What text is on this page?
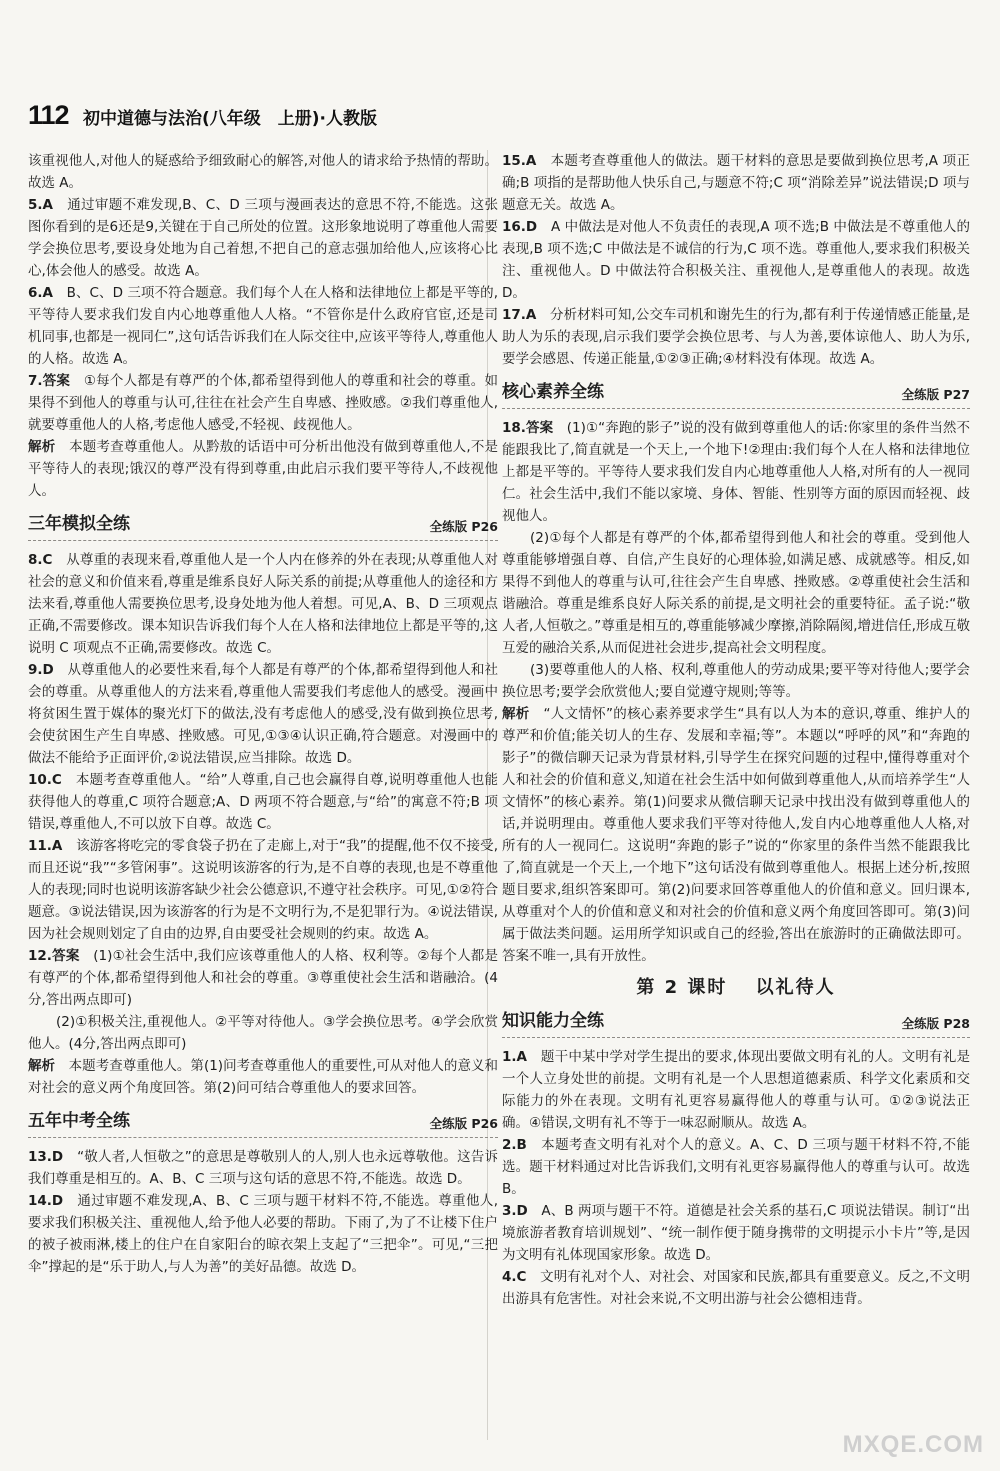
112 初中道德与法治(八年级　上册)·人教版

该重视他人,对他人的疑惑给予细致耐心的解答,对他人的请求给予热情的帮助。故选 A。

5.A　 通过审题不难发现,B、C、D 三项与漫画表达的意思不符,不能选。这张图你看到的是6还是9,关键在于自己所处的位置。这形象地说明了尊重他人需要学会换位思考,要设身处地为自己着想,不把自己的意志强加给他人,应该将心比心,体会他人的感受。故选 A。

6.A　 B、C、D 三项不符合题意。我们每个人在人格和法律地位上都是平等的,平等待人要求我们发自内心地尊重他人人格。“不管你是什么政府官宦,还是司机同事,也都是一视同仁”,这句话告诉我们在人际交往中,应该平等待人,尊重他人的人格。故选 A。

7.答案　 ①每个人都是有尊严的个体,都希望得到他人的尊重和社会的尊重。如果得不到他人的尊重与认可,往往在社会产生自卑感、挫败感。②我们尊重他人,就要尊重他人的人格,考虑他人感受,不轻视、歧视他人。

解析　 本题考查尊重他人。从黔敖的话语中可分析出他没有做到尊重他人,不是平等待人的表现;饿汉的尊严没有得到尊重,由此启示我们要平等待人,不歧视他人。

三年模拟全练	全练版 P26

8.C　 从尊重的表现来看,尊重他人是一个人内在修养的外在表现;从尊重他人对社会的意义和价值来看,尊重是维系良好人际关系的前提;从尊重他人的途径和方法来看,尊重他人需要换位思考,设身处地为他人着想。可见,A、B、D 三项观点正确,不需要修改。课本知识告诉我们每个人在人格和法律地位上都是平等的,这说明 C 项观点不正确,需要修改。故选 C。

9.D　 从尊重他人的必要性来看,每个人都是有尊严的个体,都希望得到他人和社会的尊重。从尊重他人的方法来看,尊重他人需要我们考虑他人的感受。漫画中将贫困生置于媒体的聚光灯下的做法,没有考虑他人的感受,没有做到换位思考,会使贫困生产生自卑感、挫败感。可见,①③④认识正确,符合题意。对漫画中的做法不能给予正面评价,②说法错误,应当排除。故选 D。

10.C　 本题考查尊重他人。“给”人尊重,自己也会赢得自尊,说明尊重他人也能获得他人的尊重,C 项符合题意;A、D 两项不符合题意,与“给”的寓意不符;B 项错误,尊重他人,不可以放下自尊。故选 C。

11.A　 该游客将吃完的零食袋子扔在了走廊上,对于“我”的提醒,他不仅不接受,而且还说“我”“多管闲事”。这说明该游客的行为,是不自尊的表现,也是不尊重他人的表现;同时也说明该游客缺少社会公德意识,不遵守社会秩序。可见,①②符合题意。③说法错误,因为该游客的行为是不文明行为,不是犯罪行为。④说法错误,因为社会规则划定了自由的边界,自由要受社会规则的约束。故选 A。

12.答案　 (1)①社会生活中,我们应该尊重他人的人格、权利等。②每个人都是有尊严的个体,都希望得到他人和社会的尊重。③尊重使社会生活和谐融洽。(4分,答出两点即可)

(2)①积极关注,重视他人。②平等对待他人。③学会换位思考。④学会欣赏他人。(4分,答出两点即可)

解析　 本题考查尊重他人。第(1)问考查尊重他人的重要性,可从对他人的意义和对社会的意义两个角度回答。第(2)问可结合尊重他人的要求回答。

五年中考全练	全练版 P26

13.D　 “敬人者,人恒敬之”的意思是尊敬别人的人,别人也永远尊敬他。这告诉我们尊重是相互的。A、B、C 三项与这句话的意思不符,不能选。故选 D。

14.D　 通过审题不难发现,A、B、C 三项与题干材料不符,不能选。尊重他人,要求我们积极关注、重视他人,给予他人必要的帮助。下雨了,为了不让楼下住户的被子被雨淋,楼上的住户在自家阳台的晾衣架上支起了“三把伞”。可见,“三把伞”撑起的是“乐于助人,与人为善”的美好品德。故选 D。

15.A　 本题考查尊重他人的做法。题干材料的意思是要做到换位思考,A 项正确;B 项指的是帮助他人快乐自己,与题意不符;C 项“消除差异”说法错误;D 项与题意无关。故选 A。

16.D　 A 中做法是对他人不负责任的表现,A 项不选;B 中做法是不尊重他人的表现,B 项不选;C 中做法是不诚信的行为,C 项不选。尊重他人,要求我们积极关注、重视他人。D 中做法符合积极关注、重视他人,是尊重他人的表现。故选 D。

17.A　 分析材料可知,公交车司机和谢先生的行为,都有利于传递情感正能量,是助人为乐的表现,启示我们要学会换位思考、与人为善,要体谅他人、助人为乐,要学会感恩、传递正能量,①②③正确;④材料没有体现。故选 A。

核心素养全练	全练版 P27

18.答案　 (1)①“奔跑的影子”说的没有做到尊重他人的话:你家里的条件当然不能跟我比了,简直就是一个天上,一个地下!②理由:我们每个人在人格和法律地位上都是平等的。平等待人要求我们发自内心地尊重他人人格,对所有的人一视同仁。社会生活中,我们不能以家境、身体、智能、性别等方面的原因而轻视、歧视他人。

(2)①每个人都是有尊严的个体,都希望得到他人和社会的尊重。受到他人尊重能够增强自尊、自信,产生良好的心理体验,如满足感、成就感等。相反,如果得不到他人的尊重与认可,往往会产生自卑感、挫败感。②尊重使社会生活和谐融洽。尊重是维系良好人际关系的前提,是文明社会的重要特征。孟子说:“敬人者,人恒敬之。”尊重是相互的,尊重能够减少摩擦,消除隔阂,增进信任,形成互敬互爱的融洽关系,从而促进社会进步,提高社会文明程度。

(3)要尊重他人的人格、权利,尊重他人的劳动成果;要平等对待他人;要学会换位思考;要学会欣赏他人;要自觉遵守规则;等等。

解析　 “人文情怀”的核心素养要求学生“具有以人为本的意识,尊重、维护人的尊严和价值;能关切人的生存、发展和幸福;等”。本题以“呼呼的风”和“奔跑的影子”的微信聊天记录为背景材料,引导学生在探究问题的过程中,懂得尊重对个人和社会的价值和意义,知道在社会生活中如何做到尊重他人,从而培养学生“人文情怀”的核心素养。第(1)问要求从微信聊天记录中找出没有做到尊重他人的话,并说明理由。尊重他人要求我们平等对待他人,发自内心地尊重他人人格,对所有的人一视同仁。这说明“奔跑的影子”说的“你家里的条件当然不能跟我比了,简直就是一个天上,一个地下”这句话没有做到尊重他人。根据上述分析,按照题目要求,组织答案即可。第(2)问要求回答尊重他人的价值和意义。回归课本,从尊重对个人的价值和意义和对社会的价值和意义两个角度回答即可。第(3)问属于做法类问题。运用所学知识或自己的经验,答出在旅游时的正确做法即可。答案不唯一,具有开放性。

第 2 课时 以礼待人
知识能力全练	全练版 P28

1.A　 题干中某中学对学生提出的要求,体现出要做文明有礼的人。文明有礼是一个人立身处世的前提。文明有礼是一个人思想道德素质、科学文化素质和交际能力的外在表现。文明有礼更容易赢得他人的尊重与认可。①②③说法正确。④错误,文明有礼不等于一味忍耐顺从。故选 A。

2.B　 本题考查文明有礼对个人的意义。A、C、D 三项与题干材料不符,不能选。题干材料通过对比告诉我们,文明有礼更容易赢得他人的尊重与认可。故选 B。

3.D　 A、B 两项与题干不符。道德是社会关系的基石,C 项说法错误。制订“出境旅游者教育培训规划”、“统一制作便于随身携带的文明提示小卡片”等,是因为文明有礼体现国家形象。故选 D。

4.C　 文明有礼对个人、对社会、对国家和民族,都具有重要意义。反之,不文明出游具有危害性。对社会来说,不文明出游与社会公德相违背。

MXQE.COM
